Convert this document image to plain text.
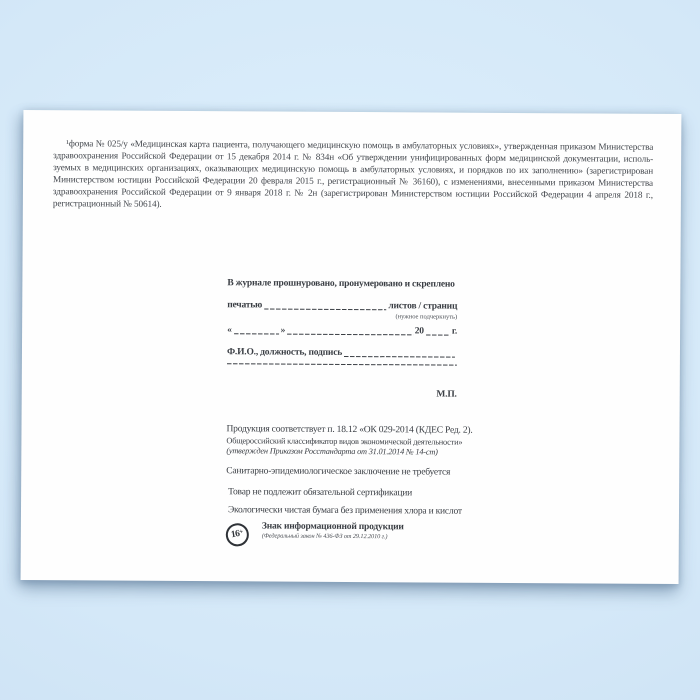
¹форма № 025/у «Медицинская карта пациента, получающего медицинскую помощь в амбулаторных условиях», утвержденная приказом Министерства
здравоохранения Российской Федерации от 15 декабря 2014 г. № 834н «Об утверждении унифицированных форм медицинской документации, исполь-
зуемых в медицинских организациях, оказывающих медицинскую помощь в амбулаторных условиях, и порядков по их заполнению» (зарегистрирован
Министерством юстиции Российской Федерации 20 февраля 2015 г., регистрационный № 36160), с изменениями, внесенными приказом Министерства
здравоохранения Российской Федерации от 9 января 2018 г. № 2н (зарегистрирован Министерством юстиции Российской Федерации 4 апреля 2018 г.,
регистрационный № 50614).
В журнале прошнуровано, пронумеровано и скреплено
печатью	листов / страниц
(нужное подчеркнуть)
«	»	20	г.
Ф.И.О., должность, подпись
М.П.
Продукция соответствует п. 18.12 «ОК 029-2014 (КДЕС Ред. 2).
Общероссийский классификатор видов экономической деятельности»
(утвержден Приказом Росстандарта от 31.01.2014 № 14-ст)
Санитарно-эпидемиологическое заключение не требуется
Товар не подлежит обязательной сертификации
Экологически чистая бумага без применения хлора и кислот
16
+ Знак информационной продукции
(Федеральный закон № 436-ФЗ от 29.12.2010 г.)
